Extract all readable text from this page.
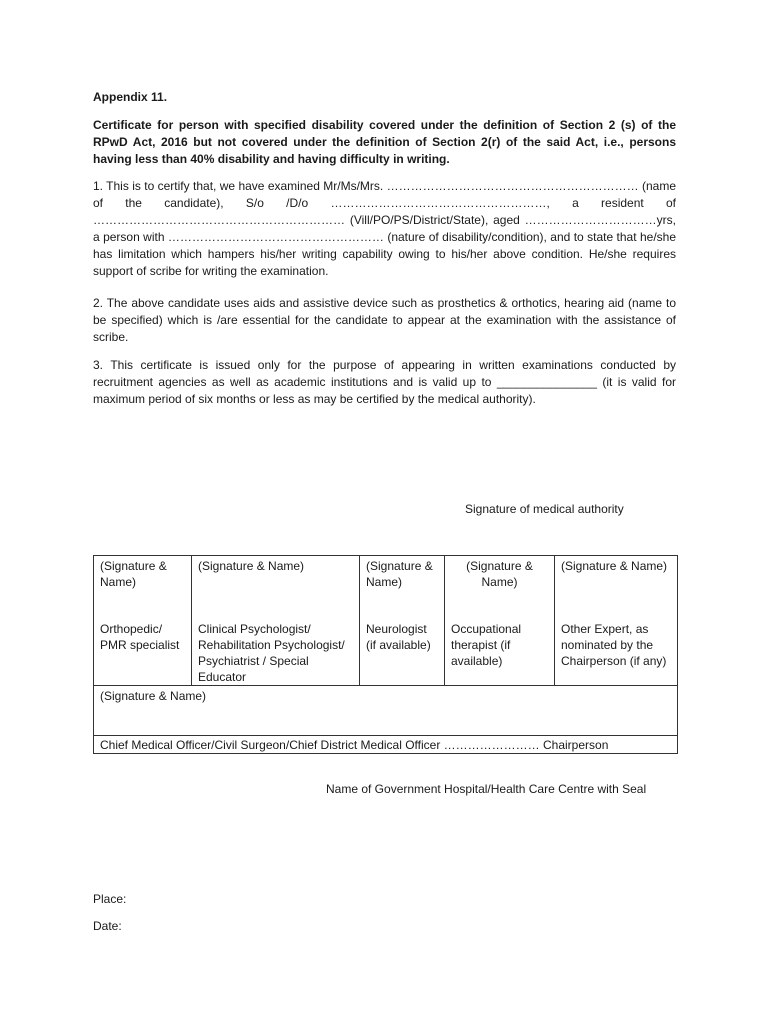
Appendix 11.
Certificate for person with specified disability covered under the definition of Section 2 (s) of the RPwD Act, 2016 but not covered under the definition of Section 2(r) of the said Act, i.e., persons having less than 40% disability and having difficulty in writing.
1. This is to certify that, we have examined Mr/Ms/Mrs. ……………………………………………………… (name of the candidate), S/o /D/o ………………………………………………, a resident of ……………………………………………………… (Vill/PO/PS/District/State), aged ……………………………yrs, a person with ……………………………………………… (nature of disability/condition), and to state that he/she has limitation which hampers his/her writing capability owing to his/her above condition. He/she requires support of scribe for writing the examination.
2. The above candidate uses aids and assistive device such as prosthetics & orthotics, hearing aid (name to be specified) which is /are essential for the candidate to appear at the examination with the assistance of scribe.
3. This certificate is issued only for the purpose of appearing in written examinations conducted by recruitment agencies as well as academic institutions and is valid up to _______________ (it is valid for maximum period of six months or less as may be certified by the medical authority).
Signature of medical authority
(Signature & Name)	(Signature & Name)	(Signature & Name)	(Signature & Name)	(Signature & Name)
Orthopedic/ PMR specialist	Clinical Psychologist/ Rehabilitation Psychologist/ Psychiatrist / Special Educator	Neurologist (if available)	Occupational therapist (if available)	Other Expert, as nominated by the Chairperson (if any)
(Signature & Name)				
Chief Medical Officer/Civil Surgeon/Chief District Medical Officer …………………… Chairperson				
Name of Government Hospital/Health Care Centre with Seal
Place:
Date:
